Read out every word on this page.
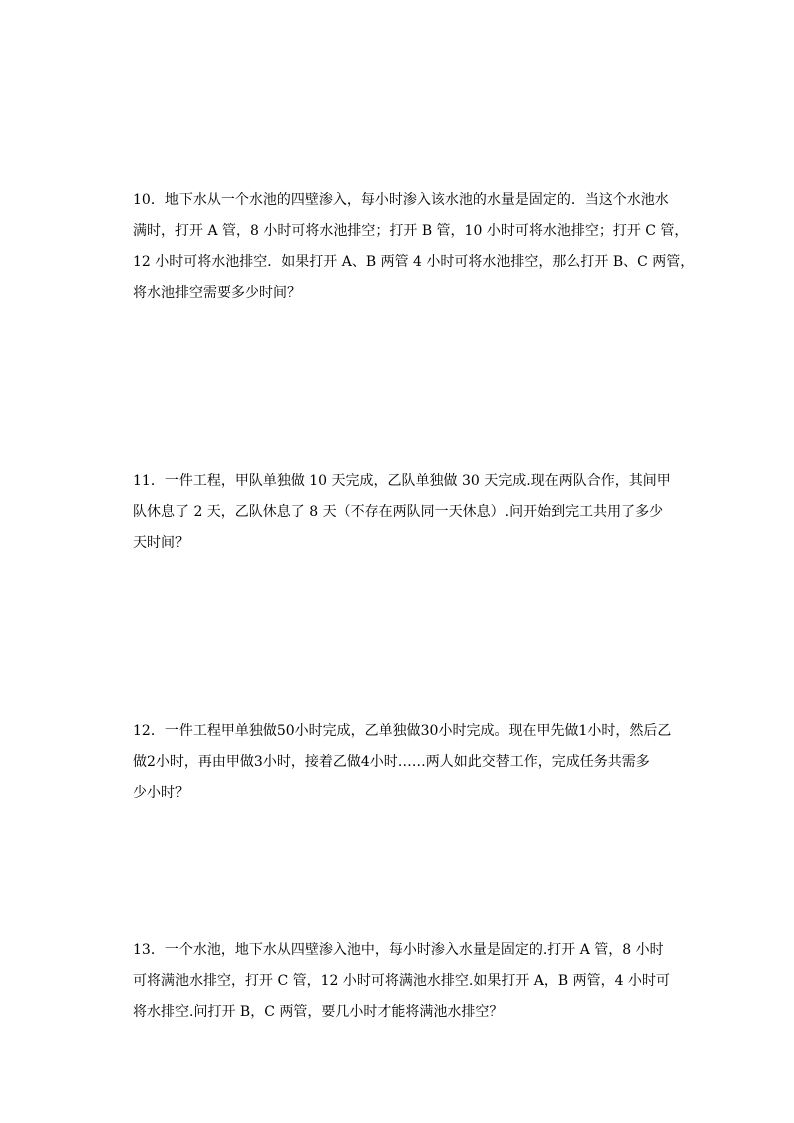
10．地下水从一个水池的四壁渗入，每小时渗入该水池的水量是固定的．当这个水池水
满时，打开 A 管，8 小时可将水池排空；打开 B 管，10 小时可将水池排空；打开 C 管，
12 小时可将水池排空．如果打开 A、B 两管 4 小时可将水池排空，那么打开 B、C 两管，
将水池排空需要多少时间？
11．一件工程，甲队单独做 10 天完成，乙队单独做 30 天完成.现在两队合作，其间甲
队休息了 2 天，乙队休息了 8 天（不存在两队同一天休息）.问开始到完工共用了多少
天时间？
12．一件工程甲单独做50小时完成，乙单独做30小时完成。现在甲先做1小时，然后乙
做2小时，再由甲做3小时，接着乙做4小时……两人如此交替工作，完成任务共需多
少小时？
13．一个水池，地下水从四壁渗入池中，每小时渗入水量是固定的.打开 A 管，8 小时
可将满池水排空，打开 C 管，12 小时可将满池水排空.如果打开 A，B 两管，4 小时可
将水排空.问打开 B，C 两管，要几小时才能将满池水排空？
